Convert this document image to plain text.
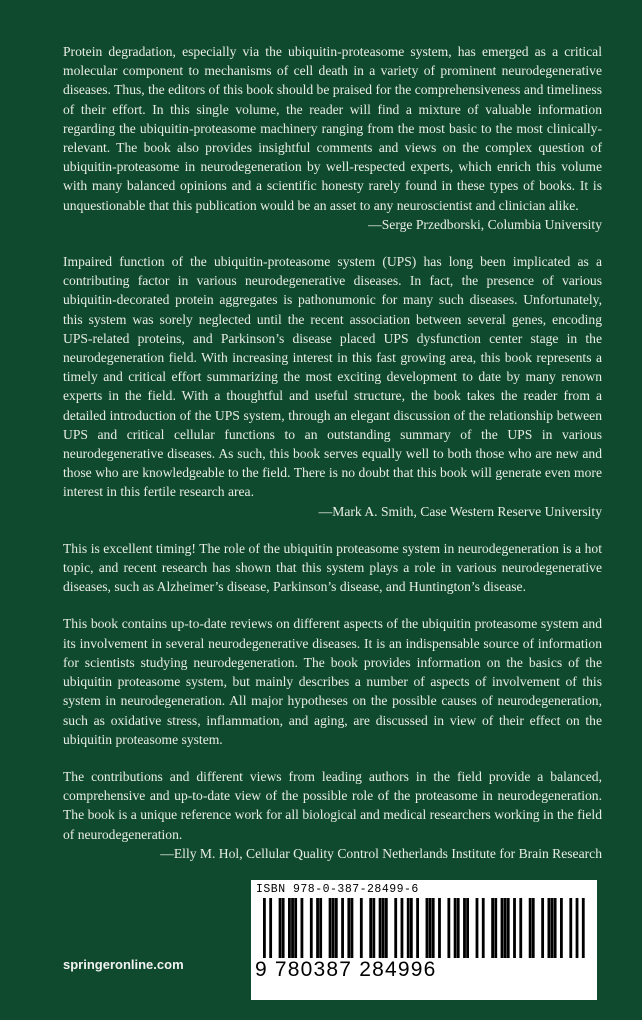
Protein degradation, especially via the ubiquitin-proteasome system, has emerged as a critical molecular component to mechanisms of cell death in a variety of prominent neurodegenerative diseases. Thus, the editors of this book should be praised for the comprehensiveness and timeliness of their effort. In this single volume, the reader will find a mixture of valuable information regarding the ubiquitin-proteasome machinery ranging from the most basic to the most clinically-relevant. The book also provides insightful comments and views on the complex question of ubiquitin-proteasome in neurodegeneration by well-respected experts, which enrich this volume with many balanced opinions and a scientific honesty rarely found in these types of books. It is unquestionable that this publication would be an asset to any neuroscientist and clinician alike.

—Serge Przedborski, Columbia University

Impaired function of the ubiquitin-proteasome system (UPS) has long been implicated as a contributing factor in various neurodegenerative diseases. In fact, the presence of various ubiquitin-decorated protein aggregates is pathonumonic for many such diseases. Unfortunately, this system was sorely neglected until the recent association between several genes, encoding UPS-related proteins, and Parkinson’s disease placed UPS dysfunction center stage in the neurodegeneration field. With increasing interest in this fast growing area, this book represents a timely and critical effort summarizing the most exciting development to date by many renown experts in the field. With a thoughtful and useful structure, the book takes the reader from a detailed introduction of the UPS system, through an elegant discussion of the relationship between UPS and critical cellular functions to an outstanding summary of the UPS in various neurodegenerative diseases. As such, this book serves equally well to both those who are new and those who are knowledgeable to the field. There is no doubt that this book will generate even more interest in this fertile research area.

—Mark A. Smith, Case Western Reserve University

This is excellent timing! The role of the ubiquitin proteasome system in neurodegeneration is a hot topic, and recent research has shown that this system plays a role in various neurodegenerative diseases, such as Alzheimer’s disease, Parkinson’s disease, and Huntington’s disease.

This book contains up-to-date reviews on different aspects of the ubiquitin proteasome system and its involvement in several neurodegenerative diseases. It is an indispensable source of information for scientists studying neurodegeneration. The book provides information on the basics of the ubiquitin proteasome system, but mainly describes a number of aspects of involvement of this system in neurodegeneration. All major hypotheses on the possible causes of neurodegeneration, such as oxidative stress, inflammation, and aging, are discussed in view of their effect on the ubiquitin proteasome system.

The contributions and different views from leading authors in the field provide a balanced, comprehensive and up-to-date view of the possible role of the proteasome in neurodegeneration. The book is a unique reference work for all biological and medical researchers working in the field of neurodegeneration.

—Elly M. Hol, Cellular Quality Control Netherlands Institute for Brain Research

springeronline.com
ISBN 978-0-387-28499-6
9 780387 284996
